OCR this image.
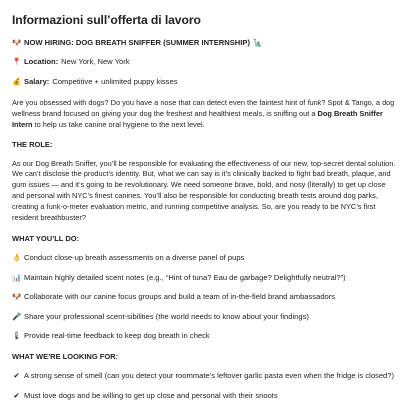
Informazioni sull’offerta di lavoro

🐶 NOW HIRING: DOG BREATH SNIFFER (SUMMER INTERNSHIP) 🗽

📍 Location: New York, New York

💰 Salary: Competitive + unlimited puppy kisses

Are you obsessed with dogs? Do you have a nose that can detect even the faintest hint of funk? Spot & Tango, a dog wellness brand focused on giving your dog the freshest and healthiest meals, is sniffing out a Dog Breath Sniffer Intern to help us take canine oral hygiene to the next level.

THE ROLE:

As our Dog Breath Sniffer, you’ll be responsible for evaluating the effectiveness of our new, top-secret dental solution. We can’t disclose the product’s identity. But, what we can say is it’s clinically backed to fight bad breath, plaque, and gum issues — and it’s going to be revolutionary. We need someone brave, bold, and nosy (literally) to get up close and personal with NYC’s finest canines. You’ll also be responsible for conducting breath tests around dog parks, creating a funk-o-meter evaluation metric, and running competitive analysis. So, are you ready to be NYC’s first resident breathbuster?

WHAT YOU’LL DO:

👌 Conduct close-up breath assessments on a diverse panel of pups

📊 Maintain highly detailed scent notes (e.g., “Hint of tuna? Eau de garbage? Delightfully neutral?”)

🐶 Collaborate with our canine focus groups and build a team of in-the-field brand ambassadors

🎤 Share your professional scent-sibilities (the world needs to know about your findings)

🌡 Provide real-time feedback to keep dog breath in check

WHAT WE’RE LOOKING FOR:

✔ A strong sense of smell (can you detect your roommate’s leftover garlic pasta even when the fridge is closed?)

✔ Must love dogs and be willing to get up close and personal with their snoots
